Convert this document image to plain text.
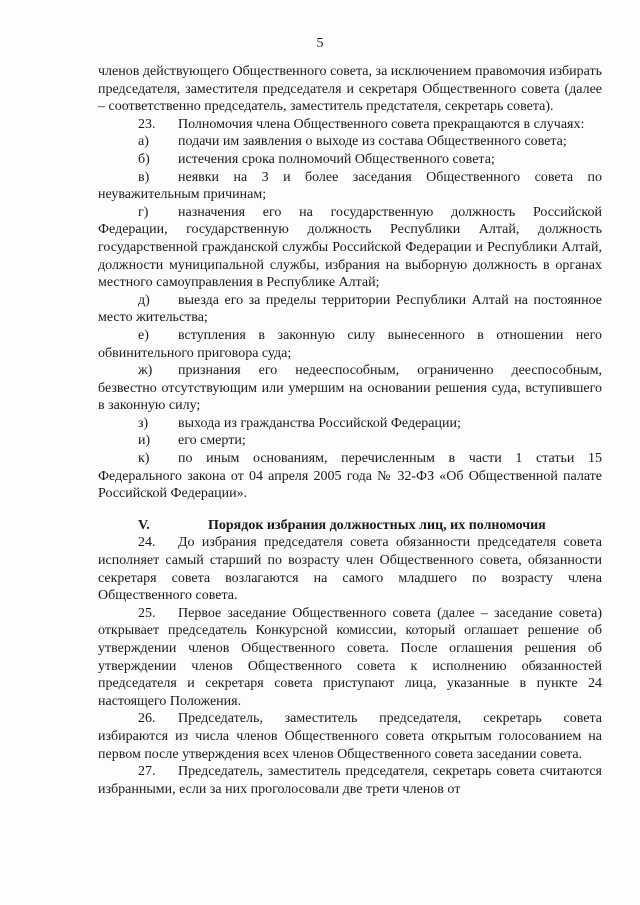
5

членов действующего Общественного совета, за исключением правомочия избирать председателя, заместителя председателя и секретаря Общественного совета (далее – соответственно председатель, заместитель предстателя, секретарь совета).

23. Полномочия члена Общественного совета прекращаются в случаях:

а) подачи им заявления о выходе из состава Общественного совета;

б) истечения срока полномочий Общественного совета;

в) неявки на 3 и более заседания Общественного совета по неуважительным причинам;

г) назначения его на государственную должность Российской Федерации, государственную должность Республики Алтай, должность государственной гражданской службы Российской Федерации и Республики Алтай, должности муниципальной службы, избрания на выборную должность в органах местного самоуправления в Республике Алтай;

д) выезда его за пределы территории Республики Алтай на постоянное место жительства;

е) вступления в законную силу вынесенного в отношении него обвинительного приговора суда;

ж) признания его недееспособным, ограниченно дееспособным, безвестно отсутствующим или умершим на основании решения суда, вступившего в законную силу;

з) выхода из гражданства Российской Федерации;

и) его смерти;

к) по иным основаниям, перечисленным в части 1 статьи 15 Федерального закона от 04 апреля 2005 года № 32-ФЗ «Об Общественной палате Российской Федерации».

V.	Порядок избрания должностных лиц, их полномочия

24. До избрания председателя совета обязанности председателя совета исполняет самый старший по возрасту член Общественного совета, обязанности секретаря совета возлагаются на самого младшего по возрасту члена Общественного совета.

25. Первое заседание Общественного совета (далее – заседание совета) открывает председатель Конкурсной комиссии, который оглашает решение об утверждении членов Общественного совета. После оглашения решения об утверждении членов Общественного совета к исполнению обязанностей председателя и секретаря совета приступают лица, указанные в пункте 24 настоящего Положения.

26. Председатель, заместитель председателя, секретарь совета избираются из числа членов Общественного совета открытым голосованием на первом после утверждения всех членов Общественного совета заседании совета.

27. Председатель, заместитель председателя, секретарь совета считаются избранными, если за них проголосовали две трети членов от
